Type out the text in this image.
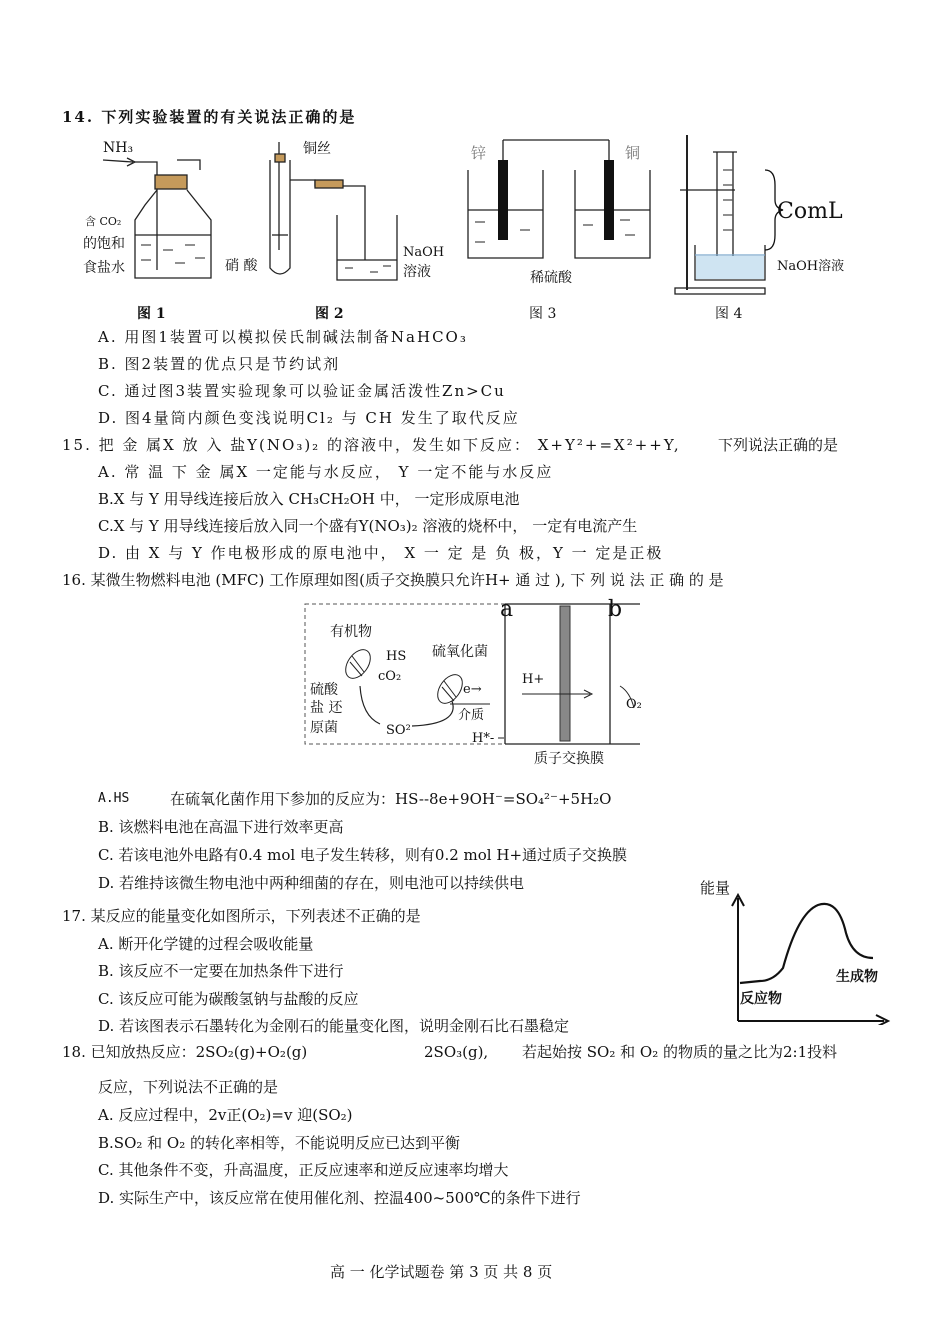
14. 下列实验装置的有关说法正确的是
NH₃
含 CO₂
的饱和
食盐水
图 1
铜丝
硝 酸
NaOH
溶液
图 2
锌	铜
稀硫酸
图 3
ComL
NaOH溶液
图 4
A. 用图1装置可以模拟侯氏制碱法制备NaHCO₃
B. 图2装置的优点只是节约试剂
C. 通过图3装置实验现象可以验证金属活泼性Zn>Cu
D. 图4量筒内颜色变浅说明Cl₂ 与 CH 发生了取代反应
15. 把 金 属X 放 入 盐Y(NO₃)₂ 的溶液中，发生如下反应： X+Y²+=X²++Y, 下列说法正确的是
A. 常 温 下 金 属X 一定能与水反应， Y 一定不能与水反应
B.X 与 Y 用导线连接后放入 CH₃CH₂OH 中， 一定形成原电池
C.X 与 Y 用导线连接后放入同一个盛有Y(NO₃)₂ 溶液的烧杯中， 一定有电流产生
D. 由 X 与 Y 作电极形成的原电池中， X 一 定 是 负 极，Y 一 定是正极
16. 某微生物燃料电池 (MFC) 工作原理如图(质子交换膜只允许H+ 通 过 ), 下 列 说 法 正 确 的 是
a	b
有机物
HS
cO₂
硫酸
盐 还
原菌	SO²
硫氧化菌
e→
介质
H+
H*-
O₂
质子交换膜
A.HS	在硫氧化菌作用下参加的反应为：HS--8e+9OH⁻=SO₄²⁻+5H₂O
B. 该燃料电池在高温下进行效率更高
C. 若该电池外电路有0.4 mol 电子发生转移，则有0.2 mol H+通过质子交换膜
D. 若维持该微生物电池中两种细菌的存在，则电池可以持续供电
17. 某反应的能量变化如图所示，下列表述不正确的是
A. 断开化学键的过程会吸收能量
B. 该反应不一定要在加热条件下进行
C. 该反应可能为碳酸氢钠与盐酸的反应
D. 若该图表示石墨转化为金刚石的能量变化图，说明金刚石比石墨稳定
能量
反应物
生成物
18. 已知放热反应：2SO₂(g)+O₂(g)	2SO₃(g), 若起始按 SO₂ 和 O₂ 的物质的量之比为2:1投料
反应，下列说法不正确的是
A. 反应过程中，2v正(O₂)=v 迎(SO₂)
B.SO₂ 和 O₂ 的转化率相等，不能说明反应已达到平衡
C. 其他条件不变，升高温度，正反应速率和逆反应速率均增大
D. 实际生产中，该反应常在使用催化剂、控温400~500℃的条件下进行
高 一 化学试题卷 第 3 页 共 8 页
